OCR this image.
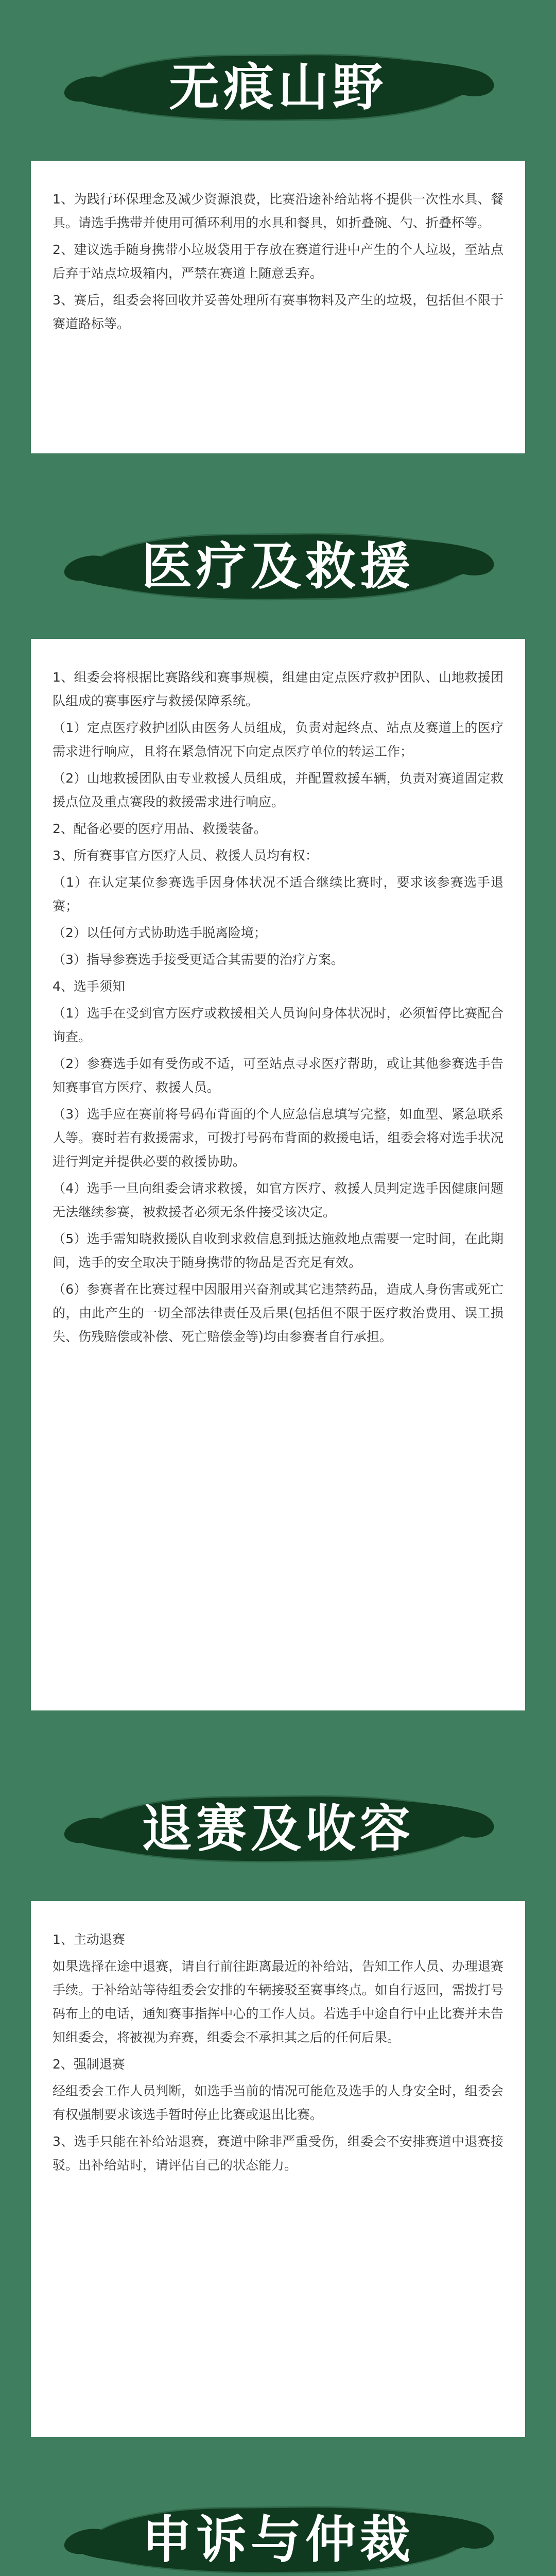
无痕山野

1、为践行环保理念及减少资源浪费，比赛沿途补给站将不提供一次性水具、餐具。请选手携带并使用可循环利用的水具和餐具，如折叠碗、勺、折叠杯等。

2、建议选手随身携带小垃圾袋用于存放在赛道行进中产生的个人垃圾，至站点后弃于站点垃圾箱内，严禁在赛道上随意丢弃。

3、赛后，组委会将回收并妥善处理所有赛事物料及产生的垃圾，包括但不限于赛道路标等。

医疗及救援

1、组委会将根据比赛路线和赛事规模，组建由定点医疗救护团队、山地救援团队组成的赛事医疗与救援保障系统。

（1）定点医疗救护团队由医务人员组成，负责对起终点、站点及赛道上的医疗需求进行响应，且将在紧急情况下向定点医疗单位的转运工作；

（2）山地救援团队由专业救援人员组成，并配置救援车辆，负责对赛道固定救援点位及重点赛段的救援需求进行响应。

2、配备必要的医疗用品、救援装备。

3、所有赛事官方医疗人员、救援人员均有权：

（1）在认定某位参赛选手因身体状况不适合继续比赛时，要求该参赛选手退赛；

（2）以任何方式协助选手脱离险境；

（3）指导参赛选手接受更适合其需要的治疗方案。

4、选手须知

（1）选手在受到官方医疗或救援相关人员询问身体状况时，必须暂停比赛配合询查。

（2）参赛选手如有受伤或不适，可至站点寻求医疗帮助，或让其他参赛选手告知赛事官方医疗、救援人员。

（3）选手应在赛前将号码布背面的个人应急信息填写完整，如血型、紧急联系人等。赛时若有救援需求，可拨打号码布背面的救援电话，组委会将对选手状况进行判定并提供必要的救援协助。

（4）选手一旦向组委会请求救援，如官方医疗、救援人员判定选手因健康问题无法继续参赛，被救援者必须无条件接受该决定。

（5）选手需知晓救援队自收到求救信息到抵达施救地点需要一定时间，在此期间，选手的安全取决于随身携带的物品是否充足有效。

（6）参赛者在比赛过程中因服用兴奋剂或其它违禁药品，造成人身伤害或死亡的，由此产生的一切全部法律责任及后果(包括但不限于医疗救治费用、误工损失、伤残赔偿或补偿、死亡赔偿金等)均由参赛者自行承担。

退赛及收容

1、主动退赛

如果选择在途中退赛，请自行前往距离最近的补给站，告知工作人员、办理退赛手续。于补给站等待组委会安排的车辆接驳至赛事终点。如自行返回，需拨打号码布上的电话，通知赛事指挥中心的工作人员。若选手中途自行中止比赛并未告知组委会，将被视为弃赛，组委会不承担其之后的任何后果。

2、强制退赛

经组委会工作人员判断，如选手当前的情况可能危及选手的人身安全时，组委会有权强制要求该选手暂时停止比赛或退出比赛。

3、选手只能在补给站退赛，赛道中除非严重受伤，组委会不安排赛道中退赛接驳。出补给站时，请评估自己的状态能力。

申诉与仲裁
